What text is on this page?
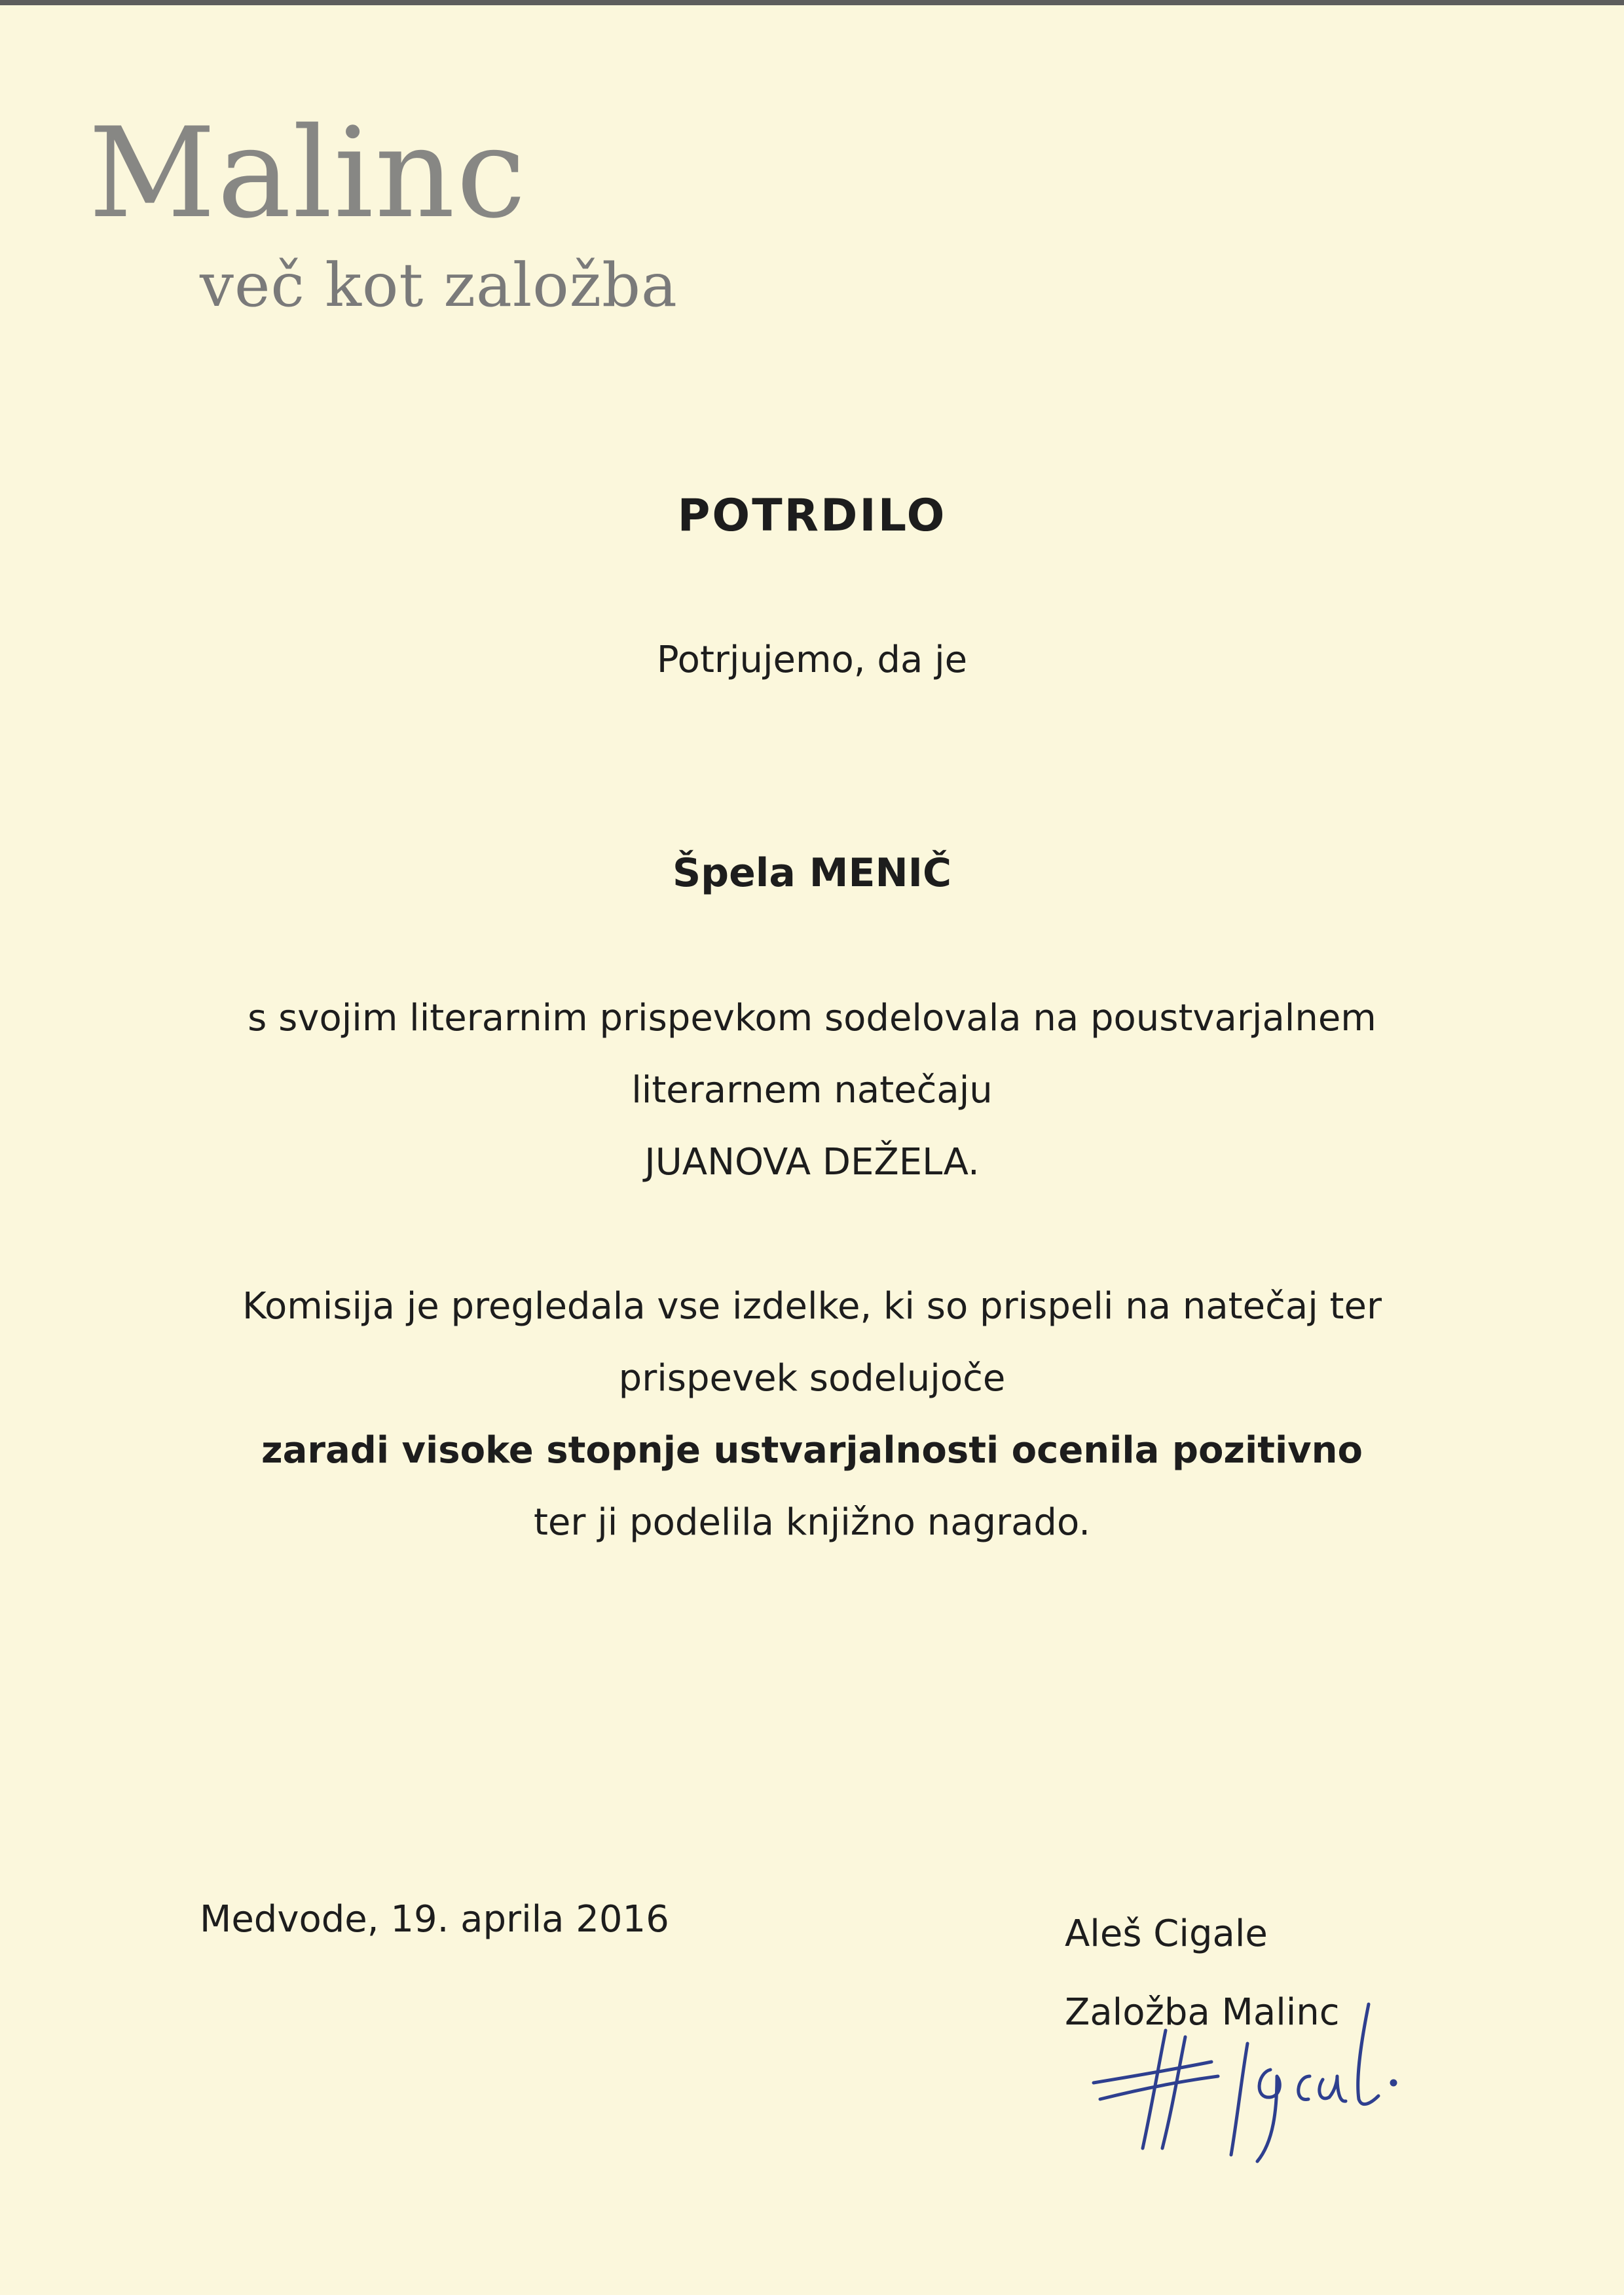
Malinc
več kot založba
POTRDILO
Potrjujemo, da je
Špela MENIČ
s svojim literarnim prispevkom sodelovala na poustvarjalnem
literarnem natečaju
JUANOVA DEŽELA.
Komisija je pregledala vse izdelke, ki so prispeli na natečaj ter
prispevek sodelujoče
zaradi visoke stopnje ustvarjalnosti ocenila pozitivno
ter ji podelila knjižno nagrado.
Medvode, 19. aprila 2016	Aleš Cigale
Založba Malinc
